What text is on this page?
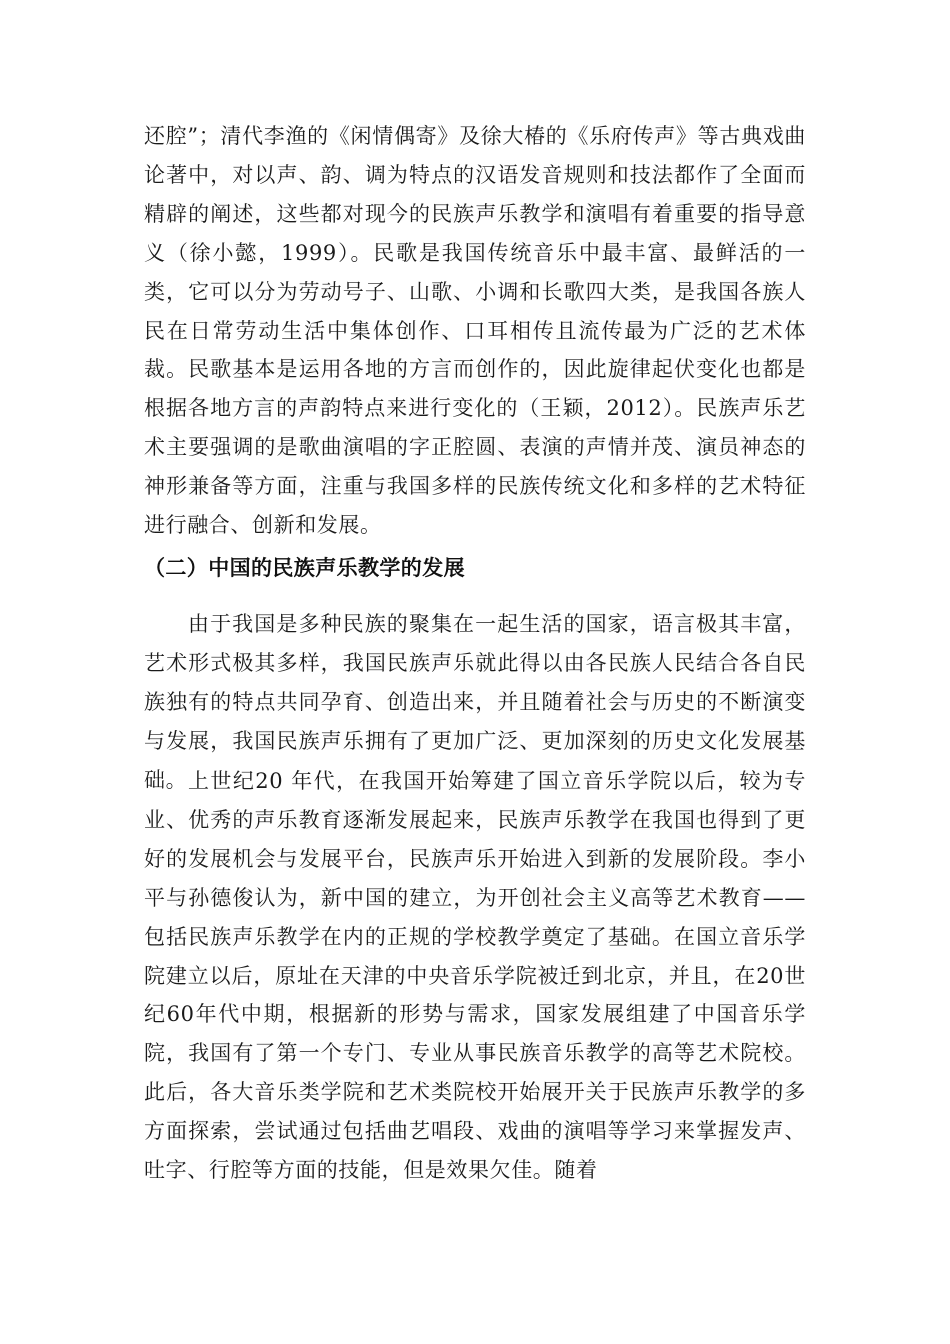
还腔”；清代李渔的《闲情偶寄》及徐大椿的《乐府传声》等古典戏曲论著中，对以声、韵、调为特点的汉语发音规则和技法都作了全面而精辟的阐述，这些都对现今的民族声乐教学和演唱有着重要的指导意义（徐小懿，1999）。民歌是我国传统音乐中最丰富、最鲜活的一类，它可以分为劳动号子、山歌、小调和长歌四大类，是我国各族人民在日常劳动生活中集体创作、口耳相传且流传最为广泛的艺术体裁。民歌基本是运用各地的方言而创作的，因此旋律起伏变化也都是根据各地方言的声韵特点来进行变化的（王颖，2012）。民族声乐艺术主要强调的是歌曲演唱的字正腔圆、表演的声情并茂、演员神态的神形兼备等方面，注重与我国多样的民族传统文化和多样的艺术特征进行融合、创新和发展。

（二）中国的民族声乐教学的发展

由于我国是多种民族的聚集在一起生活的国家，语言极其丰富，艺术形式极其多样，我国民族声乐就此得以由各民族人民结合各自民族独有的特点共同孕育、创造出来，并且随着社会与历史的不断演变与发展，我国民族声乐拥有了更加广泛、更加深刻的历史文化发展基础。 上世纪20 年代，在我国开始筹建了国立音乐学院以后，较为专业、优秀的声乐教育逐渐发展起来，民族声乐教学在我国也得到了更好的发展机会与发展平台，民族声乐开始进入到新的发展阶段。李小平与孙德俊认为，新中国的建立，为开创社会主义高等艺术教育——包括民族声乐教学在内的正规的学校教学奠定了基础。在国立音乐学院建立以后，原址在天津的中央音乐学院被迁到北京，并且，在20世纪60年代中期，根据新的形势与需求，国家发展组建了中国音乐学院，我国有了第一个专门、专业从事民族音乐教学的高等艺术院校。此后，各大音乐类学院和艺术类院校开始展开关于民族声乐教学的多方面探索，尝试通过包括曲艺唱段、戏曲的演唱等学习来掌握发声、吐字、行腔等方面的技能，但是效果欠佳。随着
